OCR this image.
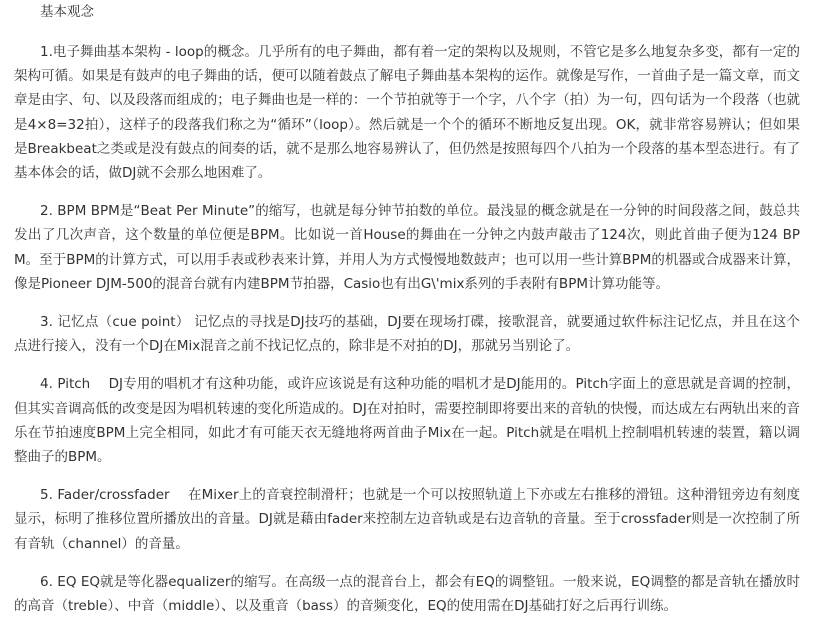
基本观念

1.电子舞曲基本架构 - loop的概念。几乎所有的电子舞曲，都有着一定的架构以及规则，不管它是多么地复杂多变，都有一定的架构可循。如果是有鼓声的电子舞曲的话，便可以随着鼓点了解电子舞曲基本架构的运作。就像是写作，一首曲子是一篇文章，而文章是由字、句、以及段落而组成的；电子舞曲也是一样的：一个节拍就等于一个字，八个字（拍）为一句，四句话为一个段落（也就是4×8=32拍），这样子的段落我们称之为“循环”（loop）。然后就是一个个的循环不断地反复出现。OK，就非常容易辨认；但如果是Breakbeat之类或是没有鼓点的间奏的话，就不是那么地容易辨认了，但仍然是按照每四个八拍为一个段落的基本型态进行。有了基本体会的话，做DJ就不会那么地困难了。

2. BPM BPM是“Beat Per Minute”的缩写，也就是每分钟节拍数的单位。最浅显的概念就是在一分钟的时间段落之间，鼓总共发出了几次声音，这个数量的单位便是BPM。比如说一首House的舞曲在一分钟之内鼓声敲击了124次，则此首曲子便为124 BPM。至于BPM的计算方式，可以用手表或秒表来计算，并用人为方式慢慢地数鼓声；也可以用一些计算BPM的机器或合成器来计算，像是Pioneer DJM-500的混音台就有内建BPM节拍器，Casio也有出G\'mix系列的手表附有BPM计算功能等。

3. 记忆点（cue point） 记忆点的寻找是DJ技巧的基础，DJ要在现场打碟，接歌混音，就要通过软件标注记忆点，并且在这个点进行接入，没有一个DJ在Mix混音之前不找记忆点的，除非是不对拍的DJ，那就另当别论了。

4. Pitch　 DJ专用的唱机才有这种功能，或许应该说是有这种功能的唱机才是DJ能用的。Pitch字面上的意思就是音调的控制，但其实音调高低的改变是因为唱机转速的变化所造成的。DJ在对拍时，需要控制即将要出来的音轨的快慢，而达成左右两轨出来的音乐在节拍速度BPM上完全相同，如此才有可能天衣无缝地将两首曲子Mix在一起。Pitch就是在唱机上控制唱机转速的装置，籍以调整曲子的BPM。

5. Fader/crossfader　 在Mixer上的音衰控制滑杆；也就是一个可以按照轨道上下亦或左右推移的滑钮。这种滑钮旁边有刻度显示，标明了推移位置所播放出的音量。DJ就是藉由fader来控制左边音轨或是右边音轨的音量。至于crossfader则是一次控制了所有音轨（channel）的音量。

6. EQ EQ就是等化器equalizer的缩写。在高级一点的混音台上，都会有EQ的调整钮。一般来说，EQ调整的都是音轨在播放时的高音（treble）、中音（middle）、以及重音（bass）的音频变化，EQ的使用需在DJ基础打好之后再行训练。
